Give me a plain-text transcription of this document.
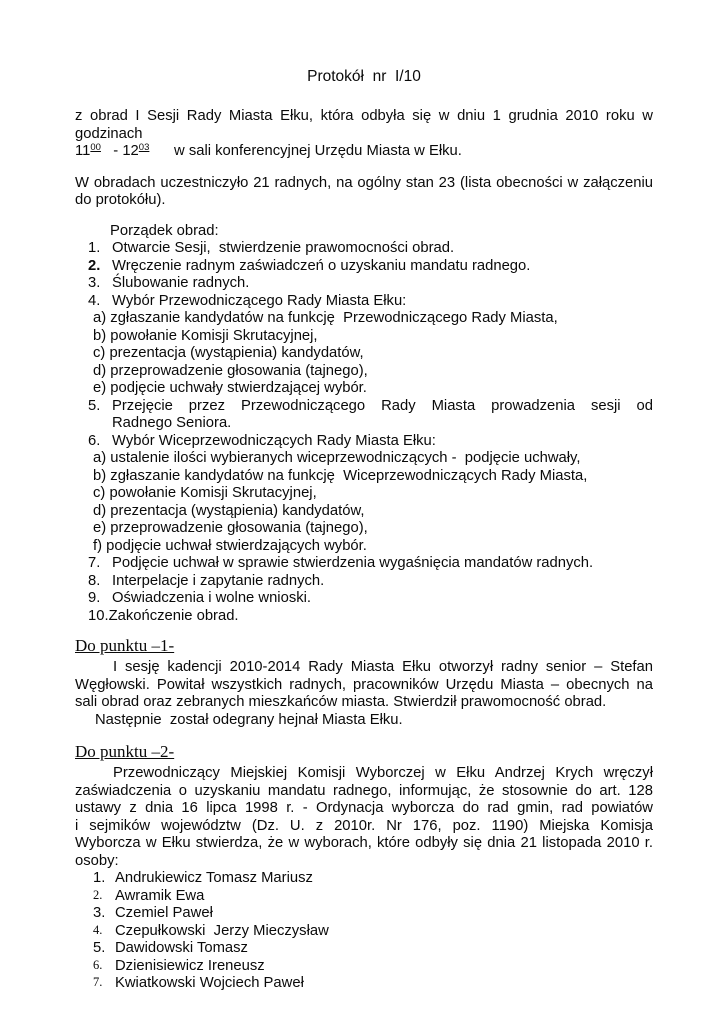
Protokół  nr  I/10
z obrad I Sesji Rady Miasta Ełku, która odbyła się w dniu 1 grudnia 2010 roku w godzinach
$11^{00} - 12^{03}$      w sali konferencyjnej Urzędu Miasta w Ełku.
W obradach uczestniczyło 21 radnych, na ogólny stan 23 (lista obecności w załączeniu
do protokółu).
Porządek obrad:
1. Otwarcie Sesji,  stwierdzenie prawomocności obrad.
2. Wręczenie radnym zaświadczeń o uzyskaniu mandatu radnego.
3. Ślubowanie radnych.
4. Wybór Przewodniczącego Rady Miasta Ełku:
a) zgłaszanie kandydatów na funkcję  Przewodniczącego Rady Miasta,
b) powołanie Komisji Skrutacyjnej,
c) prezentacja (wystąpienia) kandydatów,
d) przeprowadzenie głosowania (tajnego),
e) podjęcie uchwały stwierdzającej wybór.
5. Przejęcie przez Przewodniczącego Rady Miasta prowadzenia sesji od
Radnego Seniora.
6. Wybór Wiceprzewodniczących Rady Miasta Ełku:
a) ustalenie ilości wybieranych wiceprzewodniczących -  podjęcie uchwały,
b) zgłaszanie kandydatów na funkcję  Wiceprzewodniczących Rady Miasta,
c) powołanie Komisji Skrutacyjnej,
d) prezentacja (wystąpienia) kandydatów,
e) przeprowadzenie głosowania (tajnego),
f) podjęcie uchwał stwierdzających wybór.
7. Podjęcie uchwał w sprawie stwierdzenia wygaśnięcia mandatów radnych.
8. Interpelacje i zapytanie radnych.
9. Oświadczenia i wolne wnioski.
10.Zakończenie obrad.
Do punktu –1-
I sesję kadencji 2010-2014 Rady Miasta Ełku otworzył radny senior – Stefan
Węgłowski. Powitał wszystkich radnych, pracowników Urzędu Miasta – obecnych na
sali obrad oraz zebranych mieszkańców miasta. Stwierdził prawomocność obrad.
Następnie  został odegrany hejnał Miasta Ełku.
Do punktu –2-
Przewodniczący Miejskiej Komisji Wyborczej w Ełku Andrzej Krych wręczył
zaświadczenia o uzyskaniu mandatu radnego, informując, że stosownie do art. 128
ustawy z dnia 16 lipca 1998 r. - Ordynacja wyborcza do rad gmin, rad powiatów
i sejmików województw (Dz. U. z 2010r. Nr 176, poz. 1190) Miejska Komisja
Wyborcza w Ełku stwierdza, że w wyborach, które odbyły się dnia 21 listopada 2010 r.
osoby:
1. Andrukiewicz Tomasz Mariusz
2. Awramik Ewa
3. Czemiel Paweł
4. Czepułkowski  Jerzy Mieczysław
5. Dawidowski Tomasz
6. Dzienisiewicz Ireneusz
7. Kwiatkowski Wojciech Paweł
